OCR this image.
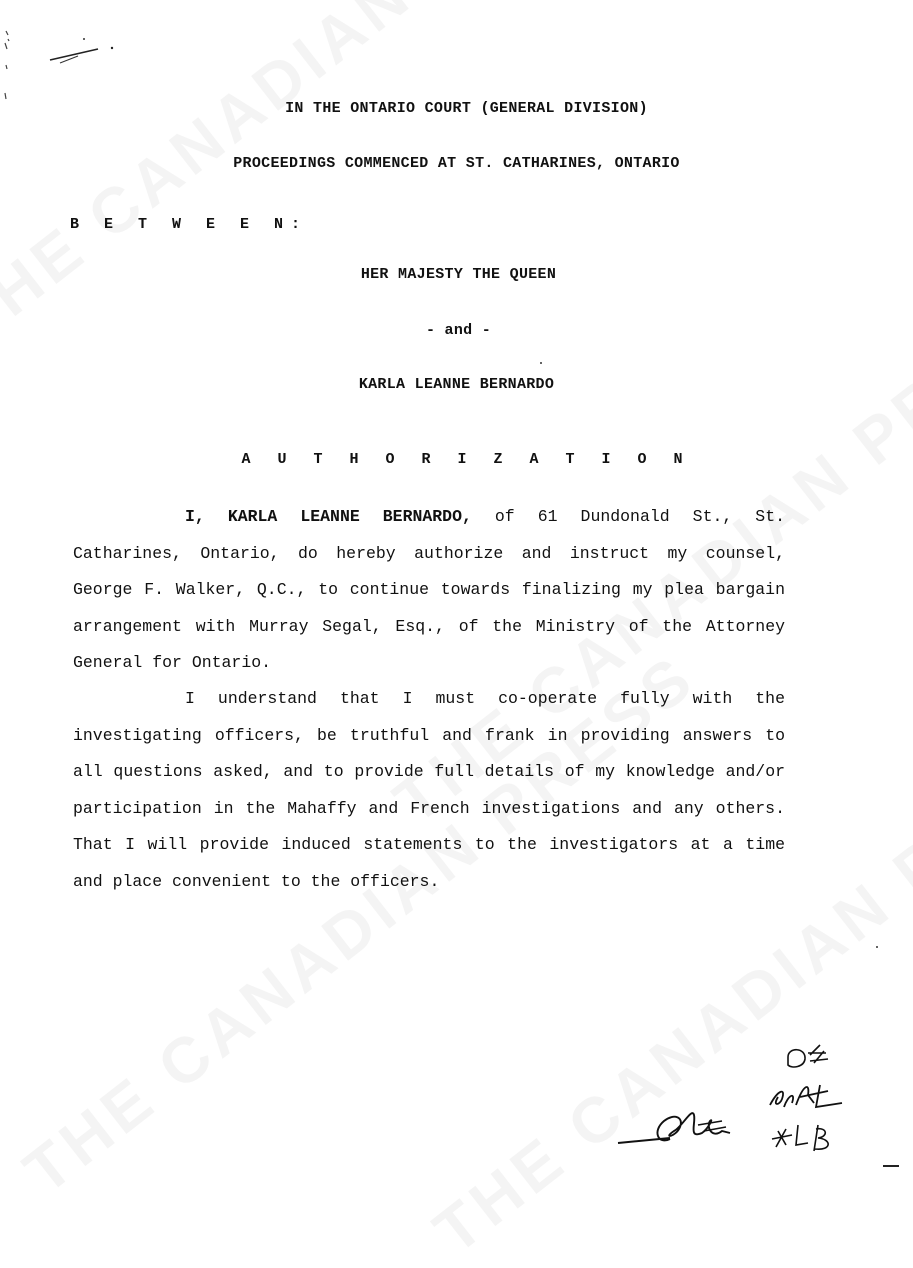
IN THE ONTARIO COURT (GENERAL DIVISION)
PROCEEDINGS COMMENCED AT ST. CATHARINES, ONTARIO
B E T W E E N:
HER MAJESTY THE QUEEN
- and -
KARLA LEANNE BERNARDO
A U T H O R I Z A T I O N
I, KARLA LEANNE BERNARDO, of 61 Dundonald St., St. Catharines, Ontario, do hereby authorize and instruct my counsel, George F. Walker, Q.C., to continue towards finalizing my plea bargain arrangement with Murray Segal, Esq., of the Ministry of the Attorney General for Ontario.
I understand that I must co-operate fully with the investigating officers, be truthful and frank in providing answers to all questions asked, and to provide full details of my knowledge and/or participation in the Mahaffy and French investigations and any others. That I will provide induced statements to the investigators at a time and place convenient to the officers.
